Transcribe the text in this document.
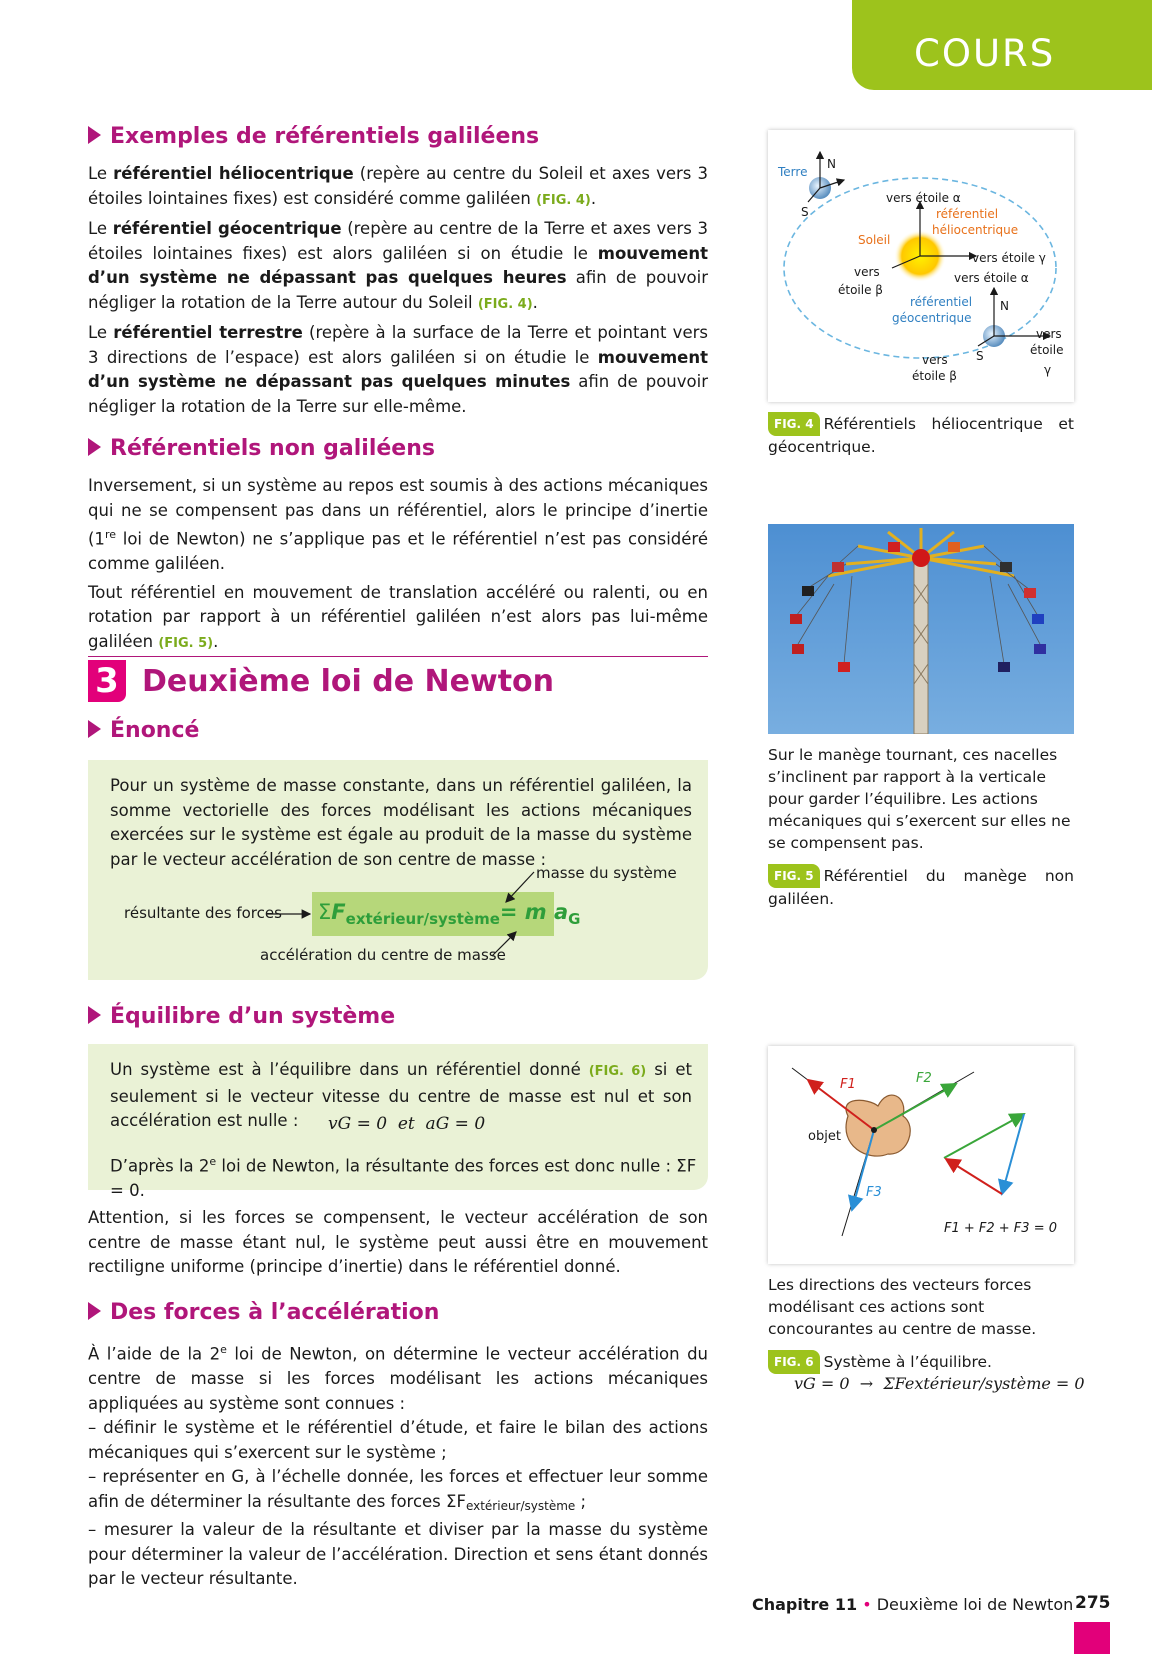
COURS
Exemples de référentiels galiléens

Le référentiel héliocentrique (repère au centre du Soleil et axes vers 3 étoiles lointaines fixes) est considéré comme galiléen (FIG. 4).

Le référentiel géocentrique (repère au centre de la Terre et axes vers 3 étoiles lointaines fixes) est alors galiléen si on étudie le mouvement d’un système ne dépassant pas quelques heures afin de pouvoir négliger la rotation de la Terre autour du Soleil (FIG. 4).

Le référentiel terrestre (repère à la surface de la Terre et pointant vers 3 directions de l’espace) est alors galiléen si on étudie le mouvement d’un système ne dépassant pas quelques minutes afin de pouvoir négliger la rotation de la Terre sur elle-même.

Référentiels non galiléens

Inversement, si un système au repos est soumis à des actions mécaniques qui ne se compensent pas dans un référentiel, alors le principe d’inertie (1re loi de Newton) ne s’applique pas et le référentiel n’est pas considéré comme galiléen.

Tout référentiel en mouvement de translation accéléré ou ralenti, ou en rotation par rapport à un référentiel galiléen n’est alors pas lui-même galiléen (FIG. 5).

3 Deuxième loi de Newton
Énoncé

Pour un système de masse constante, dans un référentiel galiléen, la somme vectorielle des forces modélisant les actions mécaniques exercées sur le système est égale au produit de la masse du système par le vecteur accélération de son centre de masse :

masse du système
résultante des forces
accélération du centre de masse
$\Sigma F_{extérieur/système}= m$ $a_G$
Équilibre d’un système

Un système est à l’équilibre dans un référentiel donné (FIG. 6) si et seulement si le vecteur vitesse du centre de masse est nul et son accélération est nulle :	vG = 0  et  aG = 0

D’après la 2e loi de Newton, la résultante des forces est donc nulle : ΣF = 0.

Attention, si les forces se compensent, le vecteur accélération de son centre de masse étant nul, le système peut aussi être en mouvement rectiligne uniforme (principe d’inertie) dans le référentiel donné.

Des forces à l’accélération

À l’aide de la 2e loi de Newton, on détermine le vecteur accélération du centre de masse si les forces modélisant les actions mécaniques appliquées au système sont connues :

– définir le système et le référentiel d’étude, et faire le bilan des actions mécaniques qui s’exercent sur le système ;

– représenter en G, à l’échelle donnée, les forces et effectuer leur somme afin de déterminer la résultante des forces ΣFextérieur/système ;

– mesurer la valeur de la résultante et diviser par la masse du système pour déterminer la valeur de l’accélération. Direction et sens étant donnés par le vecteur résultante.

Terre
N
S
vers étoile α
référentiel
héliocentrique
Soleil
vers étoile γ
vers
étoile β
vers étoile α
référentiel
géocentrique
N
S
vers
étoile
γ
vers
étoile β
FIG. 4 Référentiels héliocentrique et géocentrique.
Sur le manège tournant, ces nacelles s’inclinent par rapport à la verticale pour garder l’équilibre. Les actions mécaniques qui s’exercent sur elles ne se compensent pas.
FIG. 5 Référentiel du manège non galiléen.
F1	F2
F3
objet
F1 + F2 + F3 = 0
Les directions des vecteurs forces modélisant ces actions sont concourantes au centre de masse.
FIG. 6 Système à l’équilibre.
vG = 0  →  ΣFextérieur/système = 0
Chapitre 11 • Deuxième loi de Newton 275
